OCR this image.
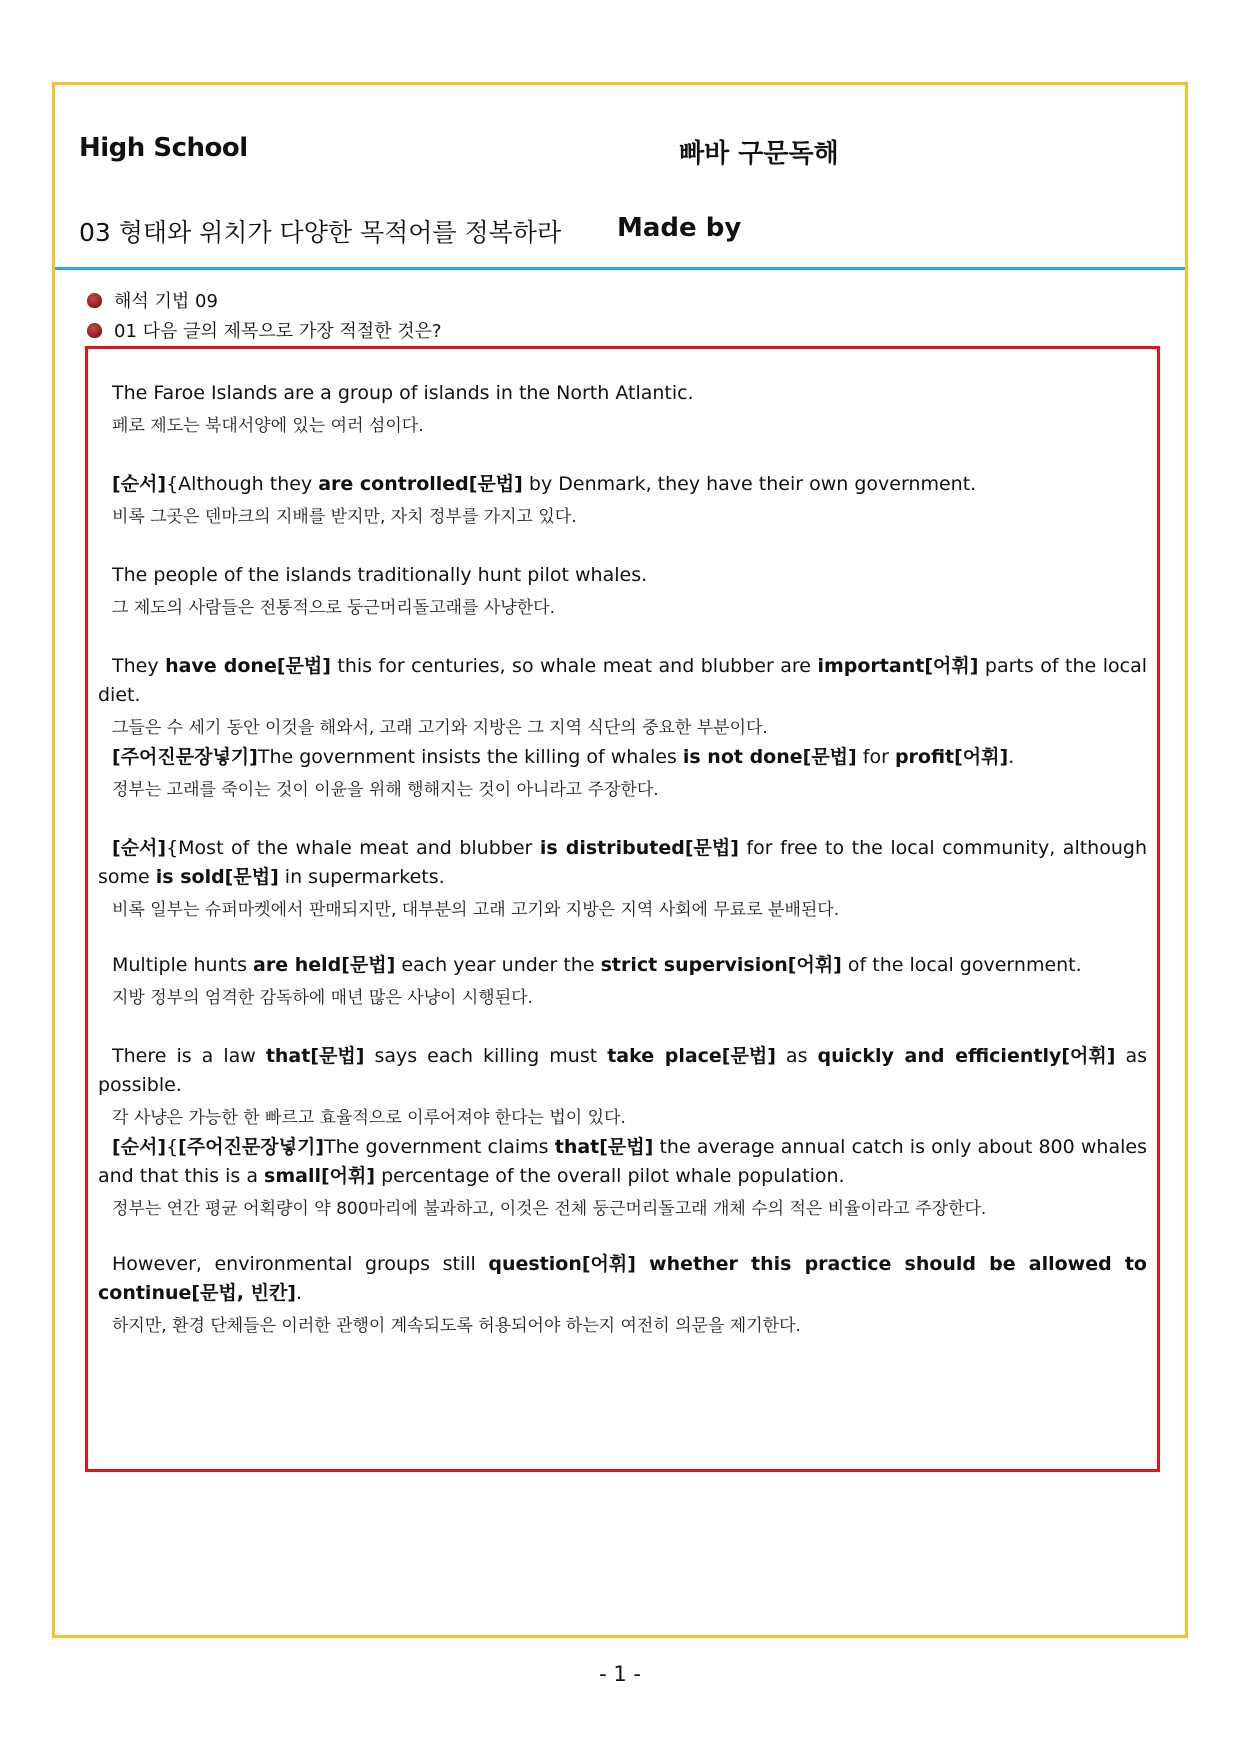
High School	빠바 구문독해
03 형태와 위치가 다양한 목적어를 정복하라 Made by
해석 기법 09
01 다음 글의 제목으로 가장 적절한 것은?
The Faroe Islands are a group of islands in the North Atlantic.
페로 제도는 북대서양에 있는 여러 섬이다.
[순서]{Although they are controlled[문법] by Denmark, they have their own government.
비록 그곳은 덴마크의 지배를 받지만, 자치 정부를 가지고 있다.
The people of the islands traditionally hunt pilot whales.
그 제도의 사람들은 전통적으로 둥근머리돌고래를 사냥한다.
They have done[문법] this for centuries, so whale meat and blubber are important[어휘] parts of the local diet.
그들은 수 세기 동안 이것을 해와서, 고래 고기와 지방은 그 지역 식단의 중요한 부분이다.
[주어진문장넣기]The government insists the killing of whales is not done[문법] for profit[어휘].
정부는 고래를 죽이는 것이 이윤을 위해 행해지는 것이 아니라고 주장한다.
[순서]{Most of the whale meat and blubber is distributed[문법] for free to the local community, although some is sold[문법] in supermarkets.
비록 일부는 슈퍼마켓에서 판매되지만, 대부분의 고래 고기와 지방은 지역 사회에 무료로 분배된다.
Multiple hunts are held[문법] each year under the strict supervision[어휘] of the local government.
지방 정부의 엄격한 감독하에 매년 많은 사냥이 시행된다.
There is a law that[문법] says each killing must take place[문법] as quickly and efficiently[어휘] as possible.
각 사냥은 가능한 한 빠르고 효율적으로 이루어져야 한다는 법이 있다.
[순서]{[주어진문장넣기]The government claims that[문법] the average annual catch is only about 800 whales and that this is a small[어휘] percentage of the overall pilot whale population.
정부는 연간 평균 어획량이 약 800마리에 불과하고, 이것은 전체 둥근머리돌고래 개체 수의 적은 비율이라고 주장한다.
However, environmental groups still question[어휘] whether this practice should be allowed to continue[문법, 빈칸].
하지만, 환경 단체들은 이러한 관행이 계속되도록 허용되어야 하는지 여전히 의문을 제기한다.
- 1 -
